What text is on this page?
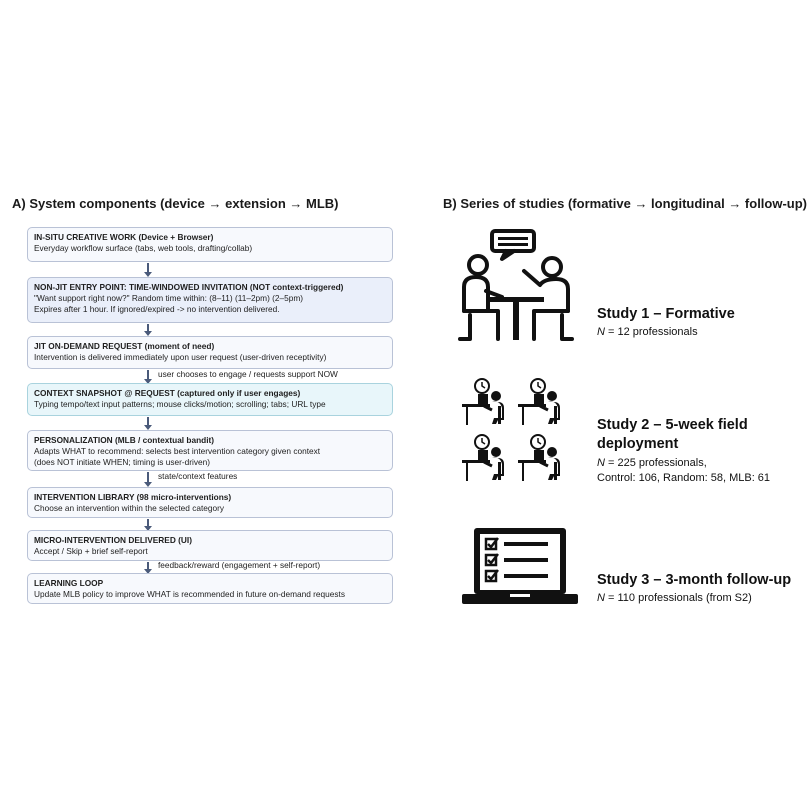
A) System components (device → extension → MLB)	B) Series of studies (formative → longitudinal → follow-up)
IN-SITU CREATIVE WORK (Device + Browser)
Everyday workflow surface (tabs, web tools, drafting/collab)
NON-JIT ENTRY POINT: TIME-WINDOWED INVITATION (NOT context-triggered)
"Want support right now?" Random time within: (8–11) (11–2pm) (2–5pm)
Expires after 1 hour. If ignored/expired -> no intervention delivered.
JIT ON-DEMAND REQUEST (moment of need)
Intervention is delivered immediately upon user request (user-driven receptivity)
user chooses to engage / requests support NOW
CONTEXT SNAPSHOT @ REQUEST (captured only if user engages)
Typing tempo/text input patterns; mouse clicks/motion; scrolling; tabs; URL type
PERSONALIZATION (MLB / contextual bandit)
Adapts WHAT to recommend: selects best intervention category given context
(does NOT initiate WHEN; timing is user-driven)
state/context features
INTERVENTION LIBRARY (98 micro-interventions)
Choose an intervention within the selected category
MICRO-INTERVENTION DELIVERED (UI)
Accept / Skip + brief self-report
feedback/reward (engagement + self-report)
LEARNING LOOP
Update MLB policy to improve WHAT is recommended in future on-demand requests
Study 1 – Formative
N = 12 professionals
Study 2 – 5-week field deployment
N = 225 professionals,
Control: 106, Random: 58, MLB: 61
Study 3 – 3-month follow-up
N = 110 professionals (from S2)
